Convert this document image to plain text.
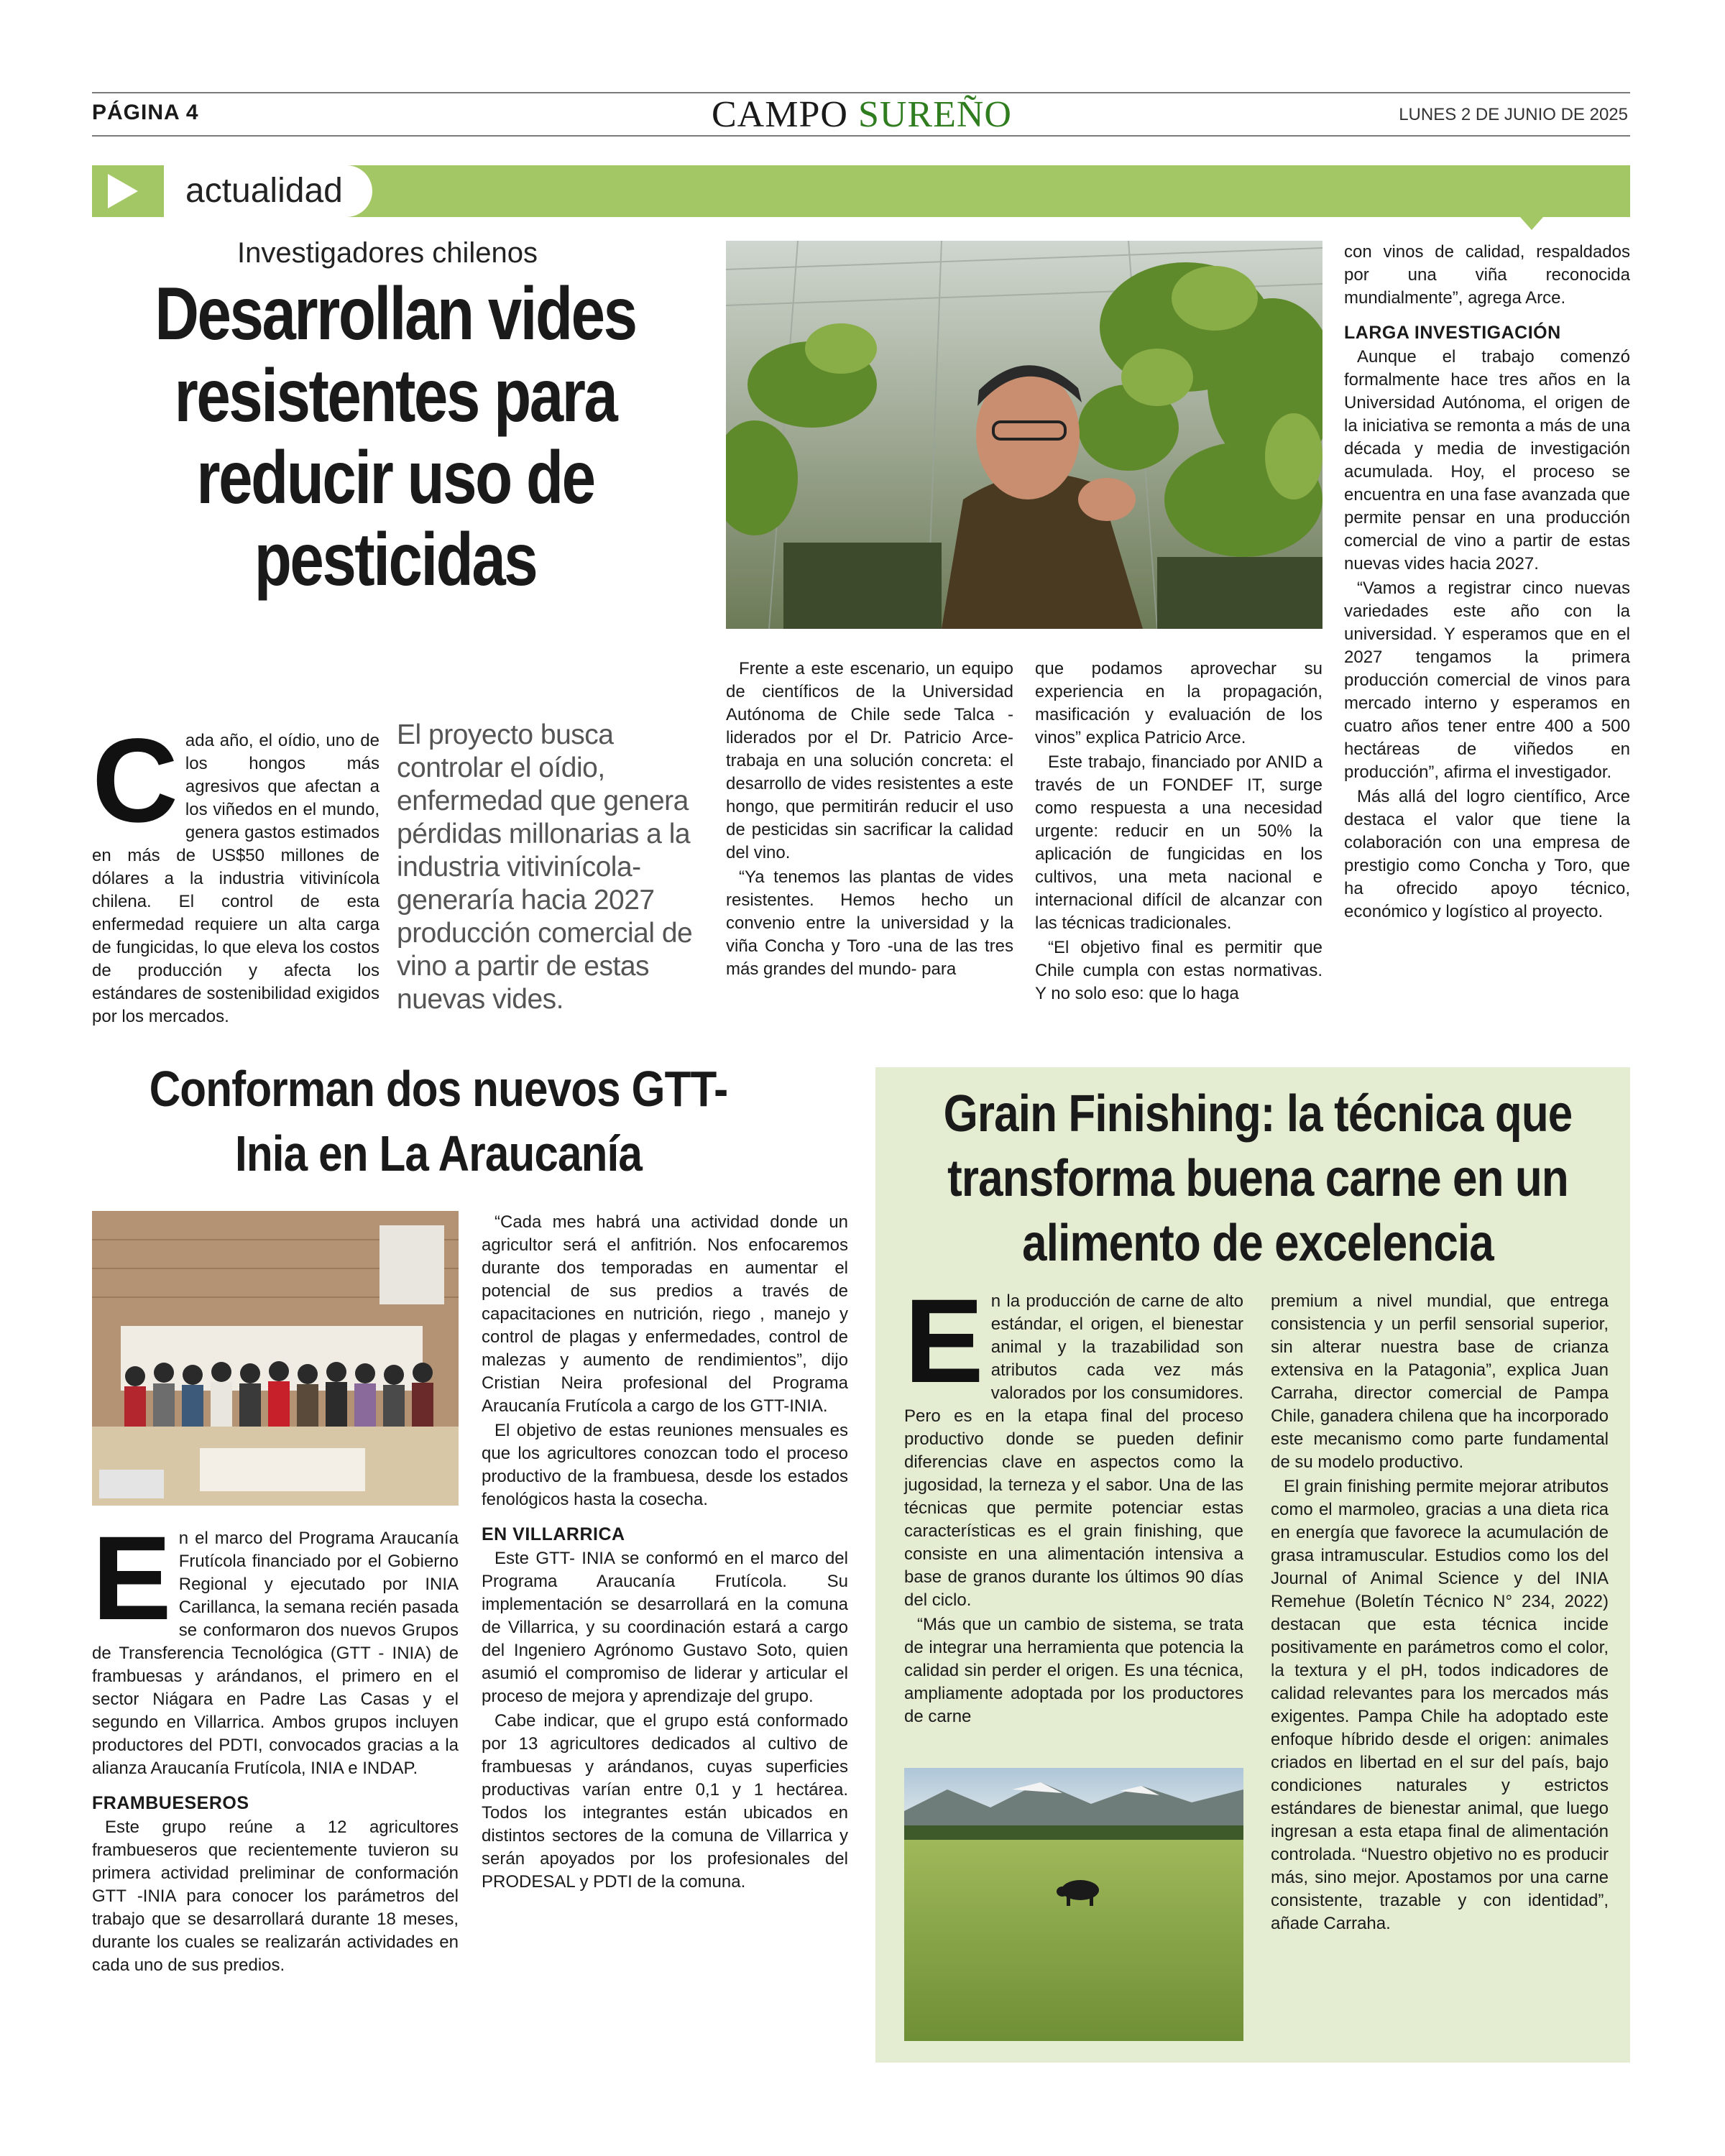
PÁGINA 4	CAMPO SUREÑO	LUNES 2 DE JUNIO DE 2025
actualidad
Investigadores chilenos
Desarrollan vides resistentes para reducir uso de pesticidas
Cada año, el oídio, uno de los hongos más agresivos que afectan a los viñedos en el mundo, genera gastos estimados en más de US$50 millones de dólares a la industria vitivinícola chilena. El control de esta enfermedad requiere un alta carga de fungicidas, lo que eleva los costos de producción y afecta los estándares de sostenibilidad exigidos por los mercados.
El proyecto busca controlar el oídio, enfermedad que genera pérdidas millonarias a la industria vitivinícola- generaría hacia 2027 producción comercial de vino a partir de estas nuevas vides.

Frente a este escenario, un equipo de científicos de la Universidad Autónoma de Chile sede Talca -liderados por el Dr. Patricio Arce- trabaja en una solución concreta: el desarrollo de vides resistentes a este hongo, que permitirán reducir el uso de pesticidas sin sacrificar la calidad del vino.

“Ya tenemos las plantas de vides resistentes. Hemos hecho un convenio entre la universidad y la viña Concha y Toro -una de las tres más grandes del mundo- para

que podamos aprovechar su experiencia en la propagación, masificación y evaluación de los vinos” explica Patricio Arce.

Este trabajo, financiado por ANID a través de un FONDEF IT, surge como respuesta a una necesidad urgente: reducir en un 50% la aplicación de fungicidas en los cultivos, una meta nacional e internacional difícil de alcanzar con las técnicas tradicionales.

“El objetivo final es permitir que Chile cumpla con estas normativas. Y no solo eso: que lo haga

con vinos de calidad, respaldados por una viña reconocida mundialmente”, agrega Arce.

LARGA INVESTIGACIÓN

Aunque el trabajo comenzó formalmente hace tres años en la Universidad Autónoma, el origen de la iniciativa se remonta a más de una década y media de investigación acumulada. Hoy, el proceso se encuentra en una fase avanzada que permite pensar en una producción comercial de vino a partir de estas nuevas vides hacia 2027.

“Vamos a registrar cinco nuevas variedades este año con la universidad. Y esperamos que en el 2027 tengamos la primera producción comercial de vinos para mercado interno y esperamos en cuatro años tener entre 400 a 500 hectáreas de viñedos en producción”, afirma el investigador.

Más allá del logro científico, Arce destaca el valor que tiene la colaboración con una empresa de prestigio como Concha y Toro, que ha ofrecido apoyo técnico, económico y logístico al proyecto.

Conforman dos nuevos GTT-Inia en La Araucanía

En el marco del Programa Araucanía Frutícola financiado por el Gobierno Regional y ejecutado por INIA Carillanca, la semana recién pasada se conformaron dos nuevos Grupos de Transferencia Tecnológica (GTT - INIA) de frambuesas y arándanos, el primero en el sector Niágara en Padre Las Casas y el segundo en Villarrica. Ambos grupos incluyen productores del PDTI, convocados gracias a la alianza Araucanía Frutícola, INIA e INDAP.

FRAMBUESEROS

Este grupo reúne a 12 agricultores frambueseros que recientemente tuvieron su primera actividad preliminar de conformación GTT -INIA para conocer los parámetros del trabajo que se desarrollará durante 18 meses, durante los cuales se realizarán actividades en cada uno de sus predios.

“Cada mes habrá una actividad donde un agricultor será el anfitrión. Nos enfocaremos durante dos temporadas en aumentar el potencial de sus predios a través de capacitaciones en nutrición, riego , manejo y control de plagas y enfermedades, control de malezas y aumento de rendimientos”, dijo Cristian Neira profesional del Programa Araucanía Frutícola a cargo de los GTT-INIA.

El objetivo de estas reuniones mensuales es que los agricultores conozcan todo el proceso productivo de la frambuesa, desde los estados fenológicos hasta la cosecha.

EN VILLARRICA

Este GTT- INIA se conformó en el marco del Programa Araucanía Frutícola. Su implementación se desarrollará en la comuna de Villarrica, y su coordinación estará a cargo del Ingeniero Agrónomo Gustavo Soto, quien asumió el compromiso de liderar y articular el proceso de mejora y aprendizaje del grupo.

Cabe indicar, que el grupo está conformado por 13 agricultores dedicados al cultivo de frambuesas y arándanos, cuyas superficies productivas varían entre 0,1 y 1 hectárea. Todos los integrantes están ubicados en distintos sectores de la comuna de Villarrica y serán apoyados por los profesionales del PRODESAL y PDTI de la comuna.

Grain Finishing: la técnica que transforma buena carne en un alimento de excelencia

En la producción de carne de alto estándar, el origen, el bienestar animal y la trazabilidad son atributos cada vez más valorados por los consumidores. Pero es en la etapa final del proceso productivo donde se pueden definir diferencias clave en aspectos como la jugosidad, la terneza y el sabor. Una de las técnicas que permite potenciar estas características es el grain finishing, que consiste en una alimentación intensiva a base de granos durante los últimos 90 días del ciclo.

“Más que un cambio de sistema, se trata de integrar una herramienta que potencia la calidad sin perder el origen. Es una técnica, ampliamente adoptada por los productores de carne

premium a nivel mundial, que entrega consistencia y un perfil sensorial superior, sin alterar nuestra base de crianza extensiva en la Patagonia”, explica Juan Carraha, director comercial de Pampa Chile, ganadera chilena que ha incorporado este mecanismo como parte fundamental de su modelo productivo.

El grain finishing permite mejorar atributos como el marmoleo, gracias a una dieta rica en energía que favorece la acumulación de grasa intramuscular. Estudios como los del Journal of Animal Science y del INIA Remehue (Boletín Técnico N° 234, 2022) destacan que esta técnica incide positivamente en parámetros como el color, la textura y el pH, todos indicadores de calidad relevantes para los mercados más exigentes. Pampa Chile ha adoptado este enfoque híbrido desde el origen: animales criados en libertad en el sur del país, bajo condiciones naturales y estrictos estándares de bienestar animal, que luego ingresan a esta etapa final de alimentación controlada. “Nuestro objetivo no es producir más, sino mejor. Apostamos por una carne consistente, trazable y con identidad”, añade Carraha.
